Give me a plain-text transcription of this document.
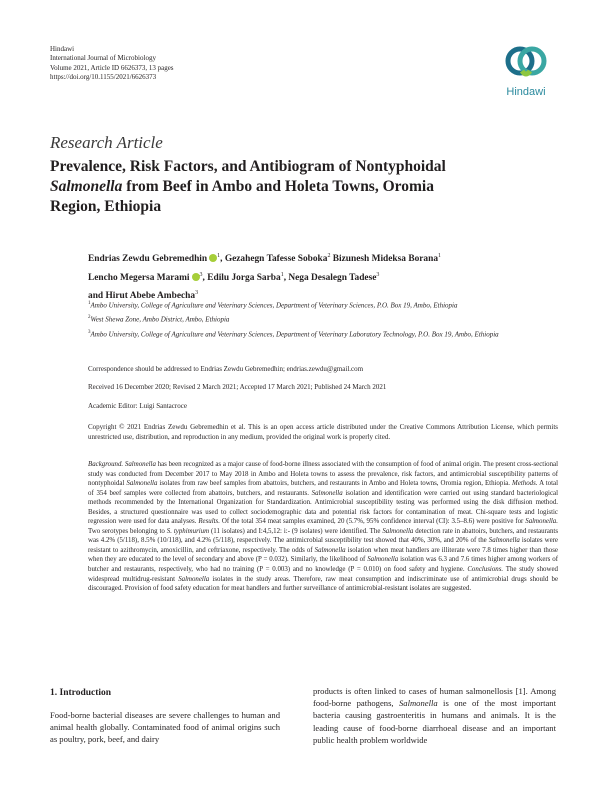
Hindawi
International Journal of Microbiology
Volume 2021, Article ID 6626373, 13 pages
https://doi.org/10.1155/2021/6626373
Hindawi
Research Article
Prevalence, Risk Factors, and Antibiogram of Nontyphoidal
Salmonella from Beef in Ambo and Holeta Towns, Oromia
Region, Ethiopia
Endrias Zewdu Gebremedhin $^1$, Gezahegn Tafesse Soboka$^2$ Bizunesh Mideksa Borana$^1$
Lencho Megersa Marami $^3$, Edilu Jorga Sarba$^1$, Nega Desalegn Tadese$^3$
and Hirut Abebe Ambecha$^3$
$^1$Ambo University, College of Agriculture and Veterinary Sciences, Department of Veterinary Sciences, P.O. Box 19, Ambo, Ethiopia
$^2$West Shewa Zone, Ambo District, Ambo, Ethiopia
$^3$Ambo University, College of Agriculture and Veterinary Sciences, Department of Veterinary Laboratory Technology, P.O. Box 19, Ambo, Ethiopia
Correspondence should be addressed to Endrias Zewdu Gebremedhin; endrias.zewdu@gmail.com
Received 16 December 2020; Revised 2 March 2021; Accepted 17 March 2021; Published 24 March 2021
Academic Editor: Luigi Santacroce
Copyright © 2021 Endrias Zewdu Gebremedhin et al. This is an open access article distributed under the Creative Commons Attribution License, which permits unrestricted use, distribution, and reproduction in any medium, provided the original work is properly cited.
Background. Salmonella has been recognized as a major cause of food-borne illness associated with the consumption of food of animal origin. The present cross-sectional study was conducted from December 2017 to May 2018 in Ambo and Holeta towns to assess the prevalence, risk factors, and antimicrobial susceptibility patterns of nontyphoidal Salmonella isolates from raw beef samples from abattoirs, butchers, and restaurants in Ambo and Holeta towns, Oromia region, Ethiopia. Methods. A total of 354 beef samples were collected from abattoirs, butchers, and restaurants. Salmonella isolation and identification were carried out using standard bacteriological methods recommended by the International Organization for Standardization. Antimicrobial susceptibility testing was performed using the disk diffusion method. Besides, a structured questionnaire was used to collect sociodemographic data and potential risk factors for contamination of meat. Chi-square tests and logistic regression were used for data analyses. Results. Of the total 354 meat samples examined, 20 (5.7%, 95% confidence interval (CI): 3.5–8.6) were positive for Salmonella. Two serotypes belonging to S. typhimurium (11 isolates) and I:4,5,12: i:- (9 isolates) were identified. The Salmonella detection rate in abattoirs, butchers, and restaurants was 4.2% (5/118), 8.5% (10/118), and 4.2% (5/118), respectively. The antimicrobial susceptibility test showed that 40%, 30%, and 20% of the Salmonella isolates were resistant to azithromycin, amoxicillin, and ceftriaxone, respectively. The odds of Salmonella isolation when meat handlers are illiterate were 7.8 times higher than those when they are educated to the level of secondary and above (P = 0.032). Similarly, the likelihood of Salmonella isolation was 6.3 and 7.6 times higher among workers of butcher and restaurants, respectively, who had no training (P = 0.003) and no knowledge (P = 0.010) on food safety and hygiene. Conclusions. The study showed widespread multidrug-resistant Salmonella isolates in the study areas. Therefore, raw meat consumption and indiscriminate use of antimicrobial drugs should be discouraged. Provision of food safety education for meat handlers and further surveillance of antimicrobial-resistant isolates are suggested.
1. Introduction
Food-borne bacterial diseases are severe challenges to human and animal health globally. Contaminated food of animal origins such as poultry, pork, beef, and dairy
products is often linked to cases of human salmonellosis [1]. Among food-borne pathogens, Salmonella is one of the most important bacteria causing gastroenteritis in humans and animals. It is the leading cause of food-borne diarrhoeal disease and an important public health problem worldwide
